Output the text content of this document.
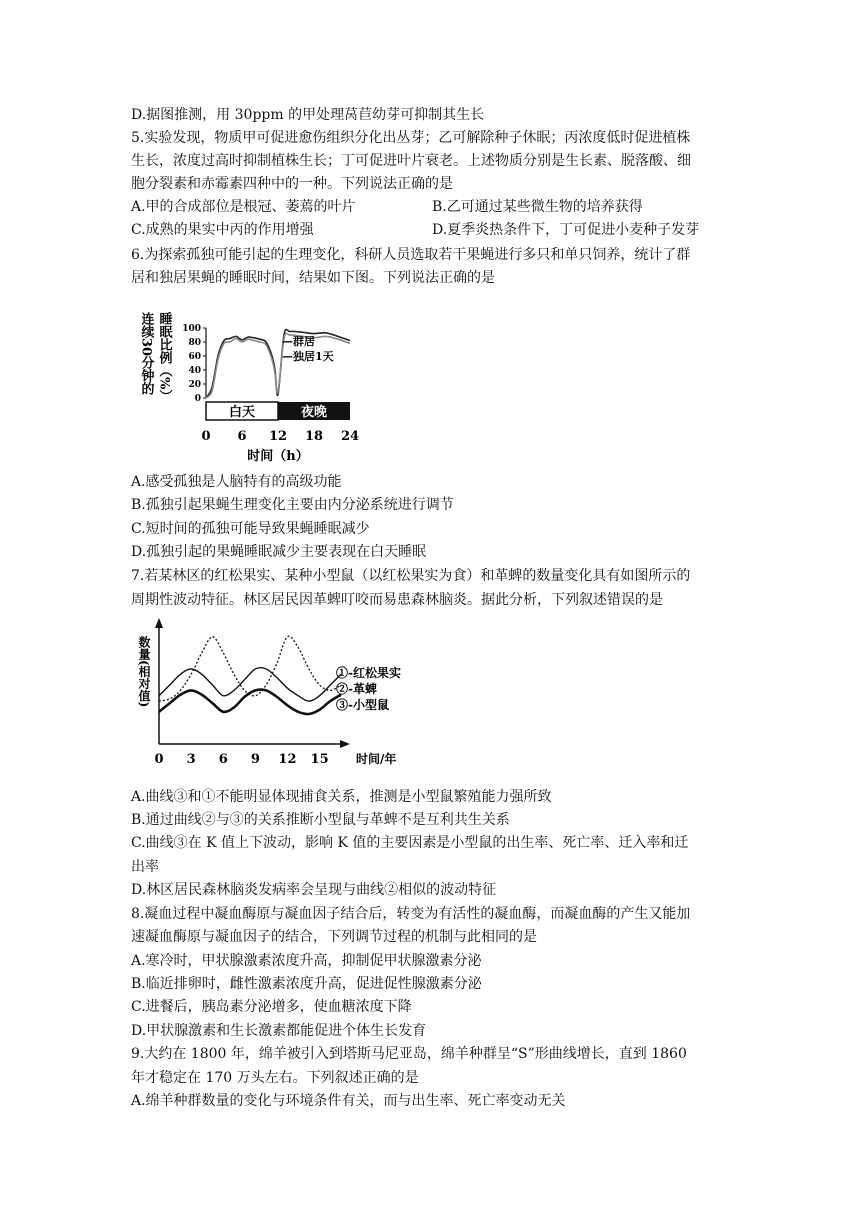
D.据图推测，用 30ppm 的甲处理莴苣幼芽可抑制其生长
5.实验发现，物质甲可促进愈伤组织分化出丛芽；乙可解除种子休眠；丙浓度低时促进植株
生长，浓度过高时抑制植株生长；丁可促进叶片衰老。上述物质分别是生长素、脱落酸、细
胞分裂素和赤霉素四种中的一种。下列说法正确的是
A.甲的合成部位是根冠、萎蔫的叶片	B.乙可通过某些微生物的培养获得
C.成熟的果实中丙的作用增强	D.夏季炎热条件下，丁可促进小麦种子发芽
6.为探索孤独可能引起的生理变化，科研人员选取若干果蝇进行多只和单只饲养，统计了群
居和独居果蝇的睡眠时间，结果如下图。下列说法正确的是
连续30分钟的 睡眠比例（%）	0
20
40
60
80
100
—群居
—独居1天
白天	夜晚
0 6 12 18 24
时间（h）
A.感受孤独是人脑特有的高级功能
B.孤独引起果蝇生理变化主要由内分泌系统进行调节
C.短时间的孤独可能导致果蝇睡眠减少
D.孤独引起的果蝇睡眠减少主要表现在白天睡眠
7.若某林区的红松果实、某种小型鼠（以红松果实为食）和革蜱的数量变化具有如图所示的
周期性波动特征。林区居民因革蜱叮咬而易患森林脑炎。据此分析，下列叙述错误的是
数量(相对值)
0 3 6 9 12 15 时间/年
①-红松果实
②-革蜱
③-小型鼠
A.曲线③和①不能明显体现捕食关系，推测是小型鼠繁殖能力强所致
B.通过曲线②与③的关系推断小型鼠与革蜱不是互利共生关系
C.曲线③在 K 值上下波动，影响 K 值的主要因素是小型鼠的出生率、死亡率、迁入率和迁
出率
D.林区居民森林脑炎发病率会呈现与曲线②相似的波动特征
8.凝血过程中凝血酶原与凝血因子结合后，转变为有活性的凝血酶，而凝血酶的产生又能加
速凝血酶原与凝血因子的结合，下列调节过程的机制与此相同的是
A.寒冷时，甲状腺激素浓度升高，抑制促甲状腺激素分泌
B.临近排卵时，雌性激素浓度升高，促进促性腺激素分泌
C.进餐后，胰岛素分泌增多，使血糖浓度下降
D.甲状腺激素和生长激素都能促进个体生长发育
9.大约在 1800 年，绵羊被引入到塔斯马尼亚岛，绵羊种群呈“S”形曲线增长，直到 1860
年才稳定在 170 万头左右。下列叙述正确的是
A.绵羊种群数量的变化与环境条件有关，而与出生率、死亡率变动无关
